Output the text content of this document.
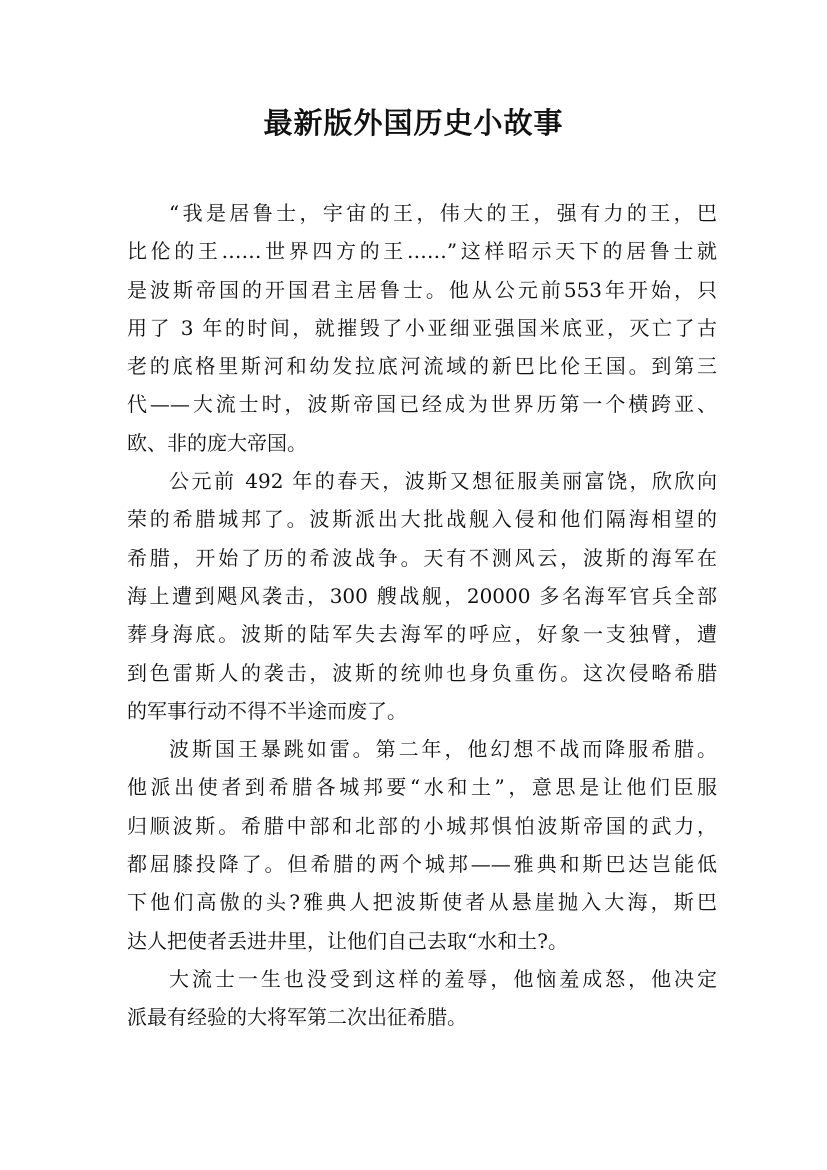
最新版外国历史小故事
“我是居鲁士，宇宙的王，伟大的王，强有力的王，巴
比伦的王……世界四方的王……”这样昭示天下的居鲁士就
是波斯帝国的开国君主居鲁士。他从公元前553年开始，只
用了 3 年的时间，就摧毁了小亚细亚强国米底亚，灭亡了古
老的底格里斯河和幼发拉底河流域的新巴比伦王国。到第三
代——大流士时，波斯帝国已经成为世界历第一个横跨亚、
欧、非的庞大帝国。
公元前 492 年的春天，波斯又想征服美丽富饶，欣欣向
荣的希腊城邦了。波斯派出大批战舰入侵和他们隔海相望的
希腊，开始了历的希波战争。天有不测风云，波斯的海军在
海上遭到飓风袭击，300 艘战舰，20000 多名海军官兵全部
葬身海底。波斯的陆军失去海军的呼应，好象一支独臂，遭
到色雷斯人的袭击，波斯的统帅也身负重伤。这次侵略希腊
的军事行动不得不半途而废了。
波斯国王暴跳如雷。第二年，他幻想不战而降服希腊。
他派出使者到希腊各城邦要“水和土”，意思是让他们臣服
归顺波斯。希腊中部和北部的小城邦惧怕波斯帝国的武力，
都屈膝投降了。但希腊的两个城邦——雅典和斯巴达岂能低
下他们高傲的头?雅典人把波斯使者从悬崖抛入大海，斯巴
达人把使者丢进井里，让他们自己去取“水和土?。
大流士一生也没受到这样的羞辱，他恼羞成怒，他决定
派最有经验的大将军第二次出征希腊。
